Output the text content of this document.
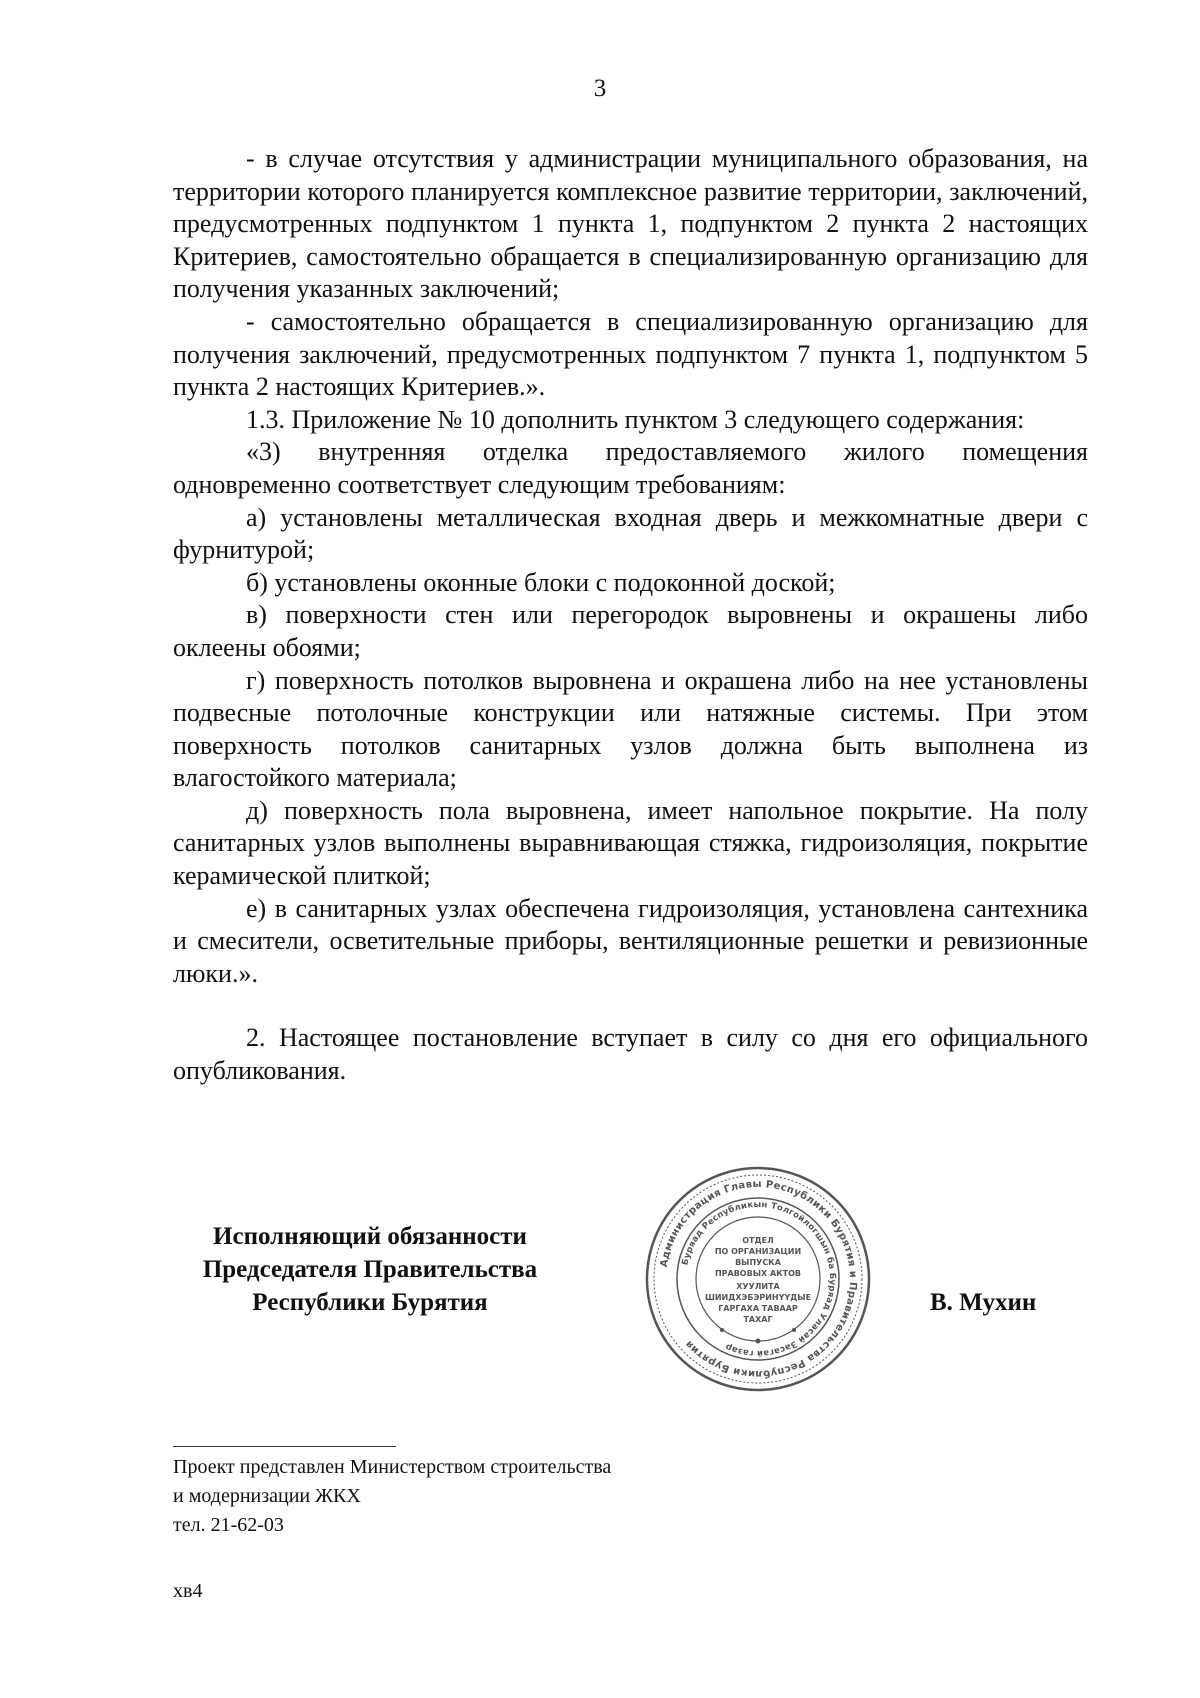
3

- в случае отсутствия у администрации муниципального образования, на территории которого планируется комплексное развитие территории, заключений, предусмотренных подпунктом 1 пункта 1, подпунктом 2 пункта 2 настоящих Критериев, самостоятельно обращается в специализированную организацию для получения указанных заключений;

- самостоятельно обращается в специализированную организацию для получения заключений, предусмотренных подпунктом 7 пункта 1, подпунктом 5 пункта 2 настоящих Критериев.».

1.3. Приложение № 10 дополнить пунктом 3 следующего содержания:

«3) внутренняя отделка предоставляемого жилого помещения одновременно соответствует следующим требованиям:

а) установлены металлическая входная дверь и межкомнатные двери с фурнитурой;

б) установлены оконные блоки с подоконной доской;

в) поверхности стен или перегородок выровнены и окрашены либо оклеены обоями;

г) поверхность потолков выровнена и окрашена либо на нее установлены подвесные потолочные конструкции или натяжные системы. При этом поверхность потолков санитарных узлов должна быть выполнена из влагостойкого материала;

д) поверхность пола выровнена, имеет напольное покрытие. На полу санитарных узлов выполнены выравнивающая стяжка, гидроизоляция, покрытие керамической плиткой;

е) в санитарных узлах обеспечена гидроизоляция, установлена сантехника и смесители, осветительные приборы, вентиляционные решетки и ревизионные люки.».

2. Настоящее постановление вступает в силу со дня его официального опубликования.

Исполняющий обязанности
Председателя Правительства
Республики Бурятия
Администрация Главы Республики Бурятия и Правительства Республики Бурятия
Буряад Республикын Толгойлогшын ба Буряад Уласай Засагай газар
ОТДЕЛ
ПО ОРГАНИЗАЦИИ
ВЫПУСКА
ПРАВОВЫХ АКТОВ
ХУУЛИТА
ШИИДХЭБЭРИНҮҮДЫЕ
ГАРГАХА ТАВААР
ТАХАГ
В. Мухин
Проект представлен Министерством строительства
и модернизации ЖКХ
тел. 21-62-03
хв4
